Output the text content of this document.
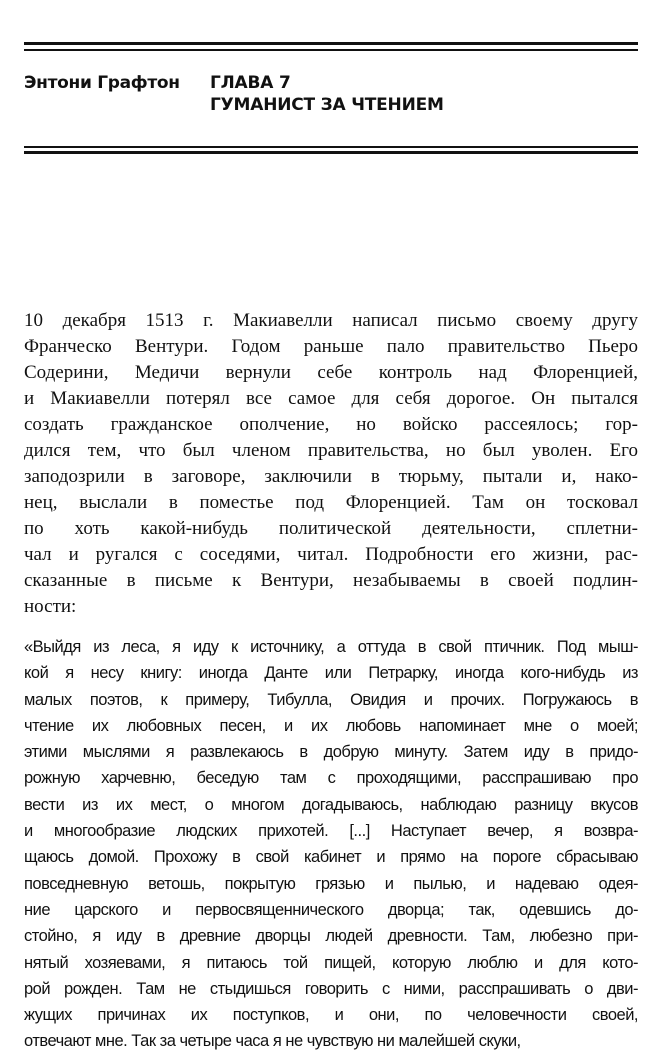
Энтони Графтон ГЛАВА 7
ГУМАНИСТ ЗА ЧТЕНИЕМ
10 декабря 1513 г. Макиавелли написал письмо своему другу
Франческо Вентури. Годом раньше пало правительство Пьеро
Содерини, Медичи вернули себе контроль над Флоренцией,
и Макиавелли потерял все самое для себя дорогое. Он пытался
создать гражданское ополчение, но войско рассеялось; гор-
дился тем, что был членом правительства, но был уволен. Его
заподозрили в заговоре, заключили в тюрьму, пытали и, нако-
нец, выслали в поместье под Флоренцией. Там он тосковал
по хоть какой-нибудь политической деятельности, сплетни-
чал и ругался с соседями, читал. Подробности его жизни, рас-
сказанные в письме к Вентури, незабываемы в своей подлин-
ности:
«Выйдя из леса, я иду к источнику, а оттуда в свой птичник. Под мыш-
кой я несу книгу: иногда Данте или Петрарку, иногда кого-нибудь из
малых поэтов, к примеру, Тибулла, Овидия и прочих. Погружаюсь в
чтение их любовных песен, и их любовь напоминает мне о моей;
этими мыслями я развлекаюсь в добрую минуту. Затем иду в придо-
рожную харчевню, беседую там с проходящими, расспрашиваю про
вести из их мест, о многом догадываюсь, наблюдаю разницу вкусов
и многообразие людских прихотей. [...] Наступает вечер, я возвра-
щаюсь домой. Прохожу в свой кабинет и прямо на пороге сбрасываю
повседневную ветошь, покрытую грязью и пылью, и надеваю одея-
ние царского и первосвященнического дворца; так, одевшись до-
стойно, я иду в древние дворцы людей древности. Там, любезно при-
нятый хозяевами, я питаюсь той пищей, которую люблю и для кото-
рой рожден. Там не стыдишься говорить с ними, расспрашивать о дви-
жущих причинах их поступков, и они, по человечности своей,
отвечают мне. Так за четыре часа я не чувствую ни малейшей скуки,
